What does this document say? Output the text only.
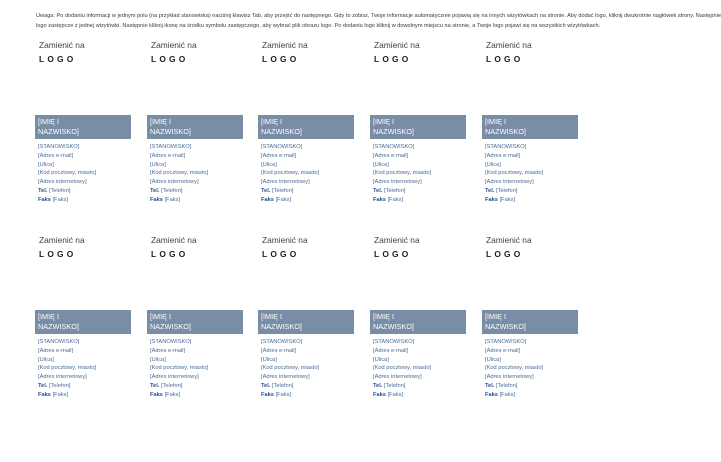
Uwaga: Po dodaniu informacji w jednym polu (na przykład stanowiska) naciśnij klawisz Tab, aby przejść do następnego. Gdy to zobisz, Twoje informacje automatycznie pojawią się na innych wizytówkach na stronie. Aby dodać logo, kliknij dwukrotnie nagłówek strony. Następnie
logo zastępcze z jednej wizytówki. Następnie kliknij ikonę na środku symbolu zastępczego, aby wybrać plik obrazu logo. Po dodaniu logo kliknij w dowolnym miejscu na stronie, a Twoje logo pojawi się na wszystkich wizytówkach.
Zamienić na
LOGO
[IMIĘ I
NAZWISKO]
[STANOWISKO]
[Adres e-mail]
[Ulica]
[Kod pocztowy, miasto]
[Adres internetowy]
Tel. [Telefon]
Faks [Faks]
Zamienić na
LOGO
[IMIĘ I
NAZWISKO]
[STANOWISKO]
[Adres e-mail]
[Ulica]
[Kod pocztowy, miasto]
[Adres internetowy]
Tel. [Telefon]
Faks [Faks]
Zamienić na
LOGO
[IMIĘ I
NAZWISKO]
[STANOWISKO]
[Adres e-mail]
[Ulica]
[Kod pocztowy, miasto]
[Adres internetowy]
Tel. [Telefon]
Faks [Faks]
Zamienić na
LOGO
[IMIĘ I
NAZWISKO]
[STANOWISKO]
[Adres e-mail]
[Ulica]
[Kod pocztowy, miasto]
[Adres internetowy]
Tel. [Telefon]
Faks [Faks]
Zamienić na
LOGO
[IMIĘ I
NAZWISKO]
[STANOWISKO]
[Adres e-mail]
[Ulica]
[Kod pocztowy, miasto]
[Adres internetowy]
Tel. [Telefon]
Faks [Faks]
Zamienić na
LOGO
[IMIĘ I
NAZWISKO]
[STANOWISKO]
[Adres e-mail]
[Ulica]
[Kod pocztowy, miasto]
[Adres internetowy]
Tel. [Telefon]
Faks [Faks]
Zamienić na
LOGO
[IMIĘ I
NAZWISKO]
[STANOWISKO]
[Adres e-mail]
[Ulica]
[Kod pocztowy, miasto]
[Adres internetowy]
Tel. [Telefon]
Faks [Faks]
Zamienić na
LOGO
[IMIĘ I
NAZWISKO]
[STANOWISKO]
[Adres e-mail]
[Ulica]
[Kod pocztowy, miasto]
[Adres internetowy]
Tel. [Telefon]
Faks [Faks]
Zamienić na
LOGO
[IMIĘ I
NAZWISKO]
[STANOWISKO]
[Adres e-mail]
[Ulica]
[Kod pocztowy, miasto]
[Adres internetowy]
Tel. [Telefon]
Faks [Faks]
Zamienić na
LOGO
[IMIĘ I
NAZWISKO]
[STANOWISKO]
[Adres e-mail]
[Ulica]
[Kod pocztowy, miasto]
[Adres internetowy]
Tel. [Telefon]
Faks [Faks]
